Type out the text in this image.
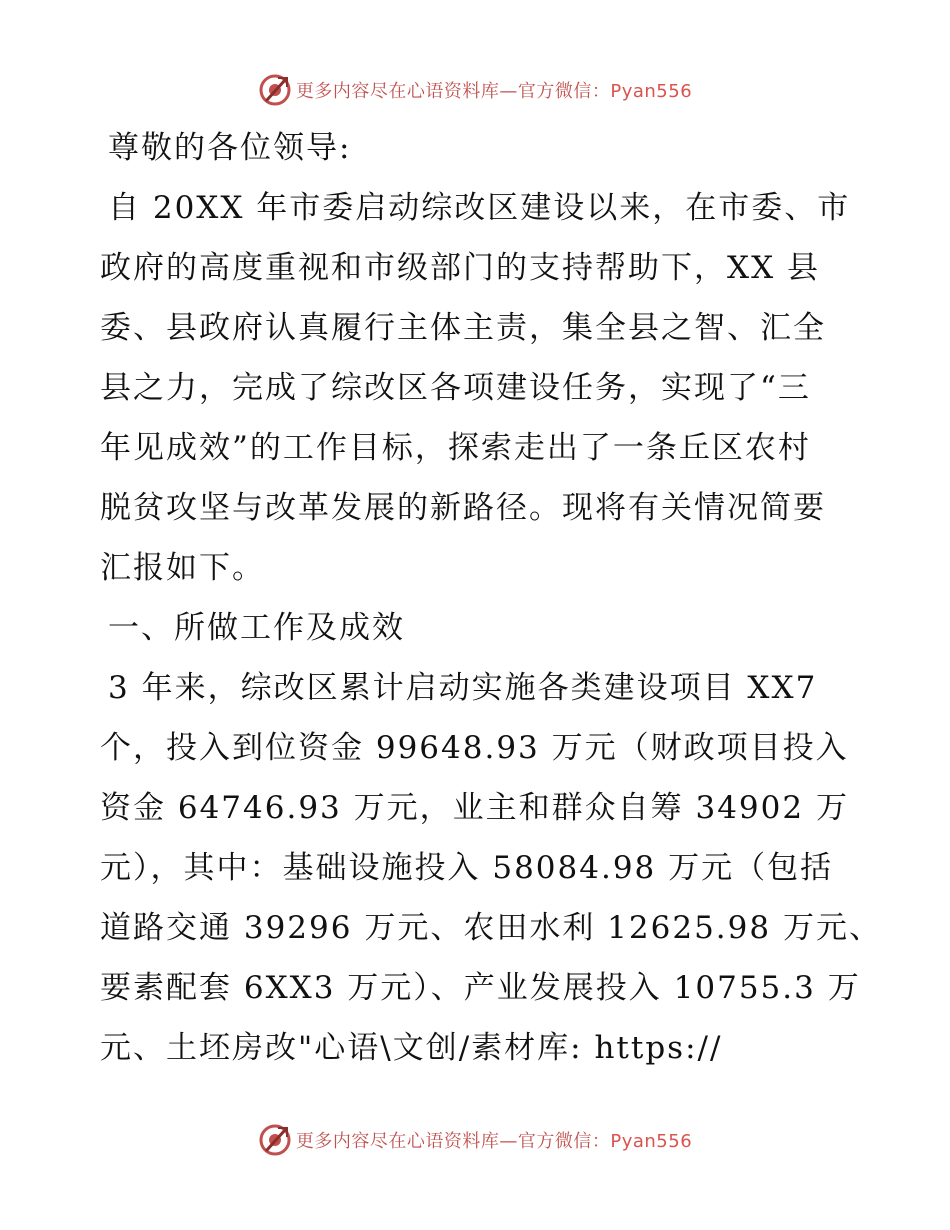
更多内容尽在心语资料库—官方微信：Pyan556
尊敬的各位领导:
自 20XX 年市委启动综改区建设以来，在市委、市
政府的高度重视和市级部门的支持帮助下，XX 县
委、县政府认真履行主体主责，集全县之智、汇全
县之力，完成了综改区各项建设任务，实现了“三
年见成效”的工作目标，探索走出了一条丘区农村
脱贫攻坚与改革发展的新路径。现将有关情况简要
汇报如下。
一、所做工作及成效
3 年来，综改区累计启动实施各类建设项目 XX7
个，投入到位资金 99648.93 万元（财政项目投入
资金 64746.93 万元，业主和群众自筹 34902 万
元），其中：基础设施投入 58084.98 万元（包括
道路交通 39296 万元、农田水利 12625.98 万元、
要素配套 6XX3 万元）、产业发展投入 10755.3 万
元、土坯房改"心语\文创/素材库: https://
更多内容尽在心语资料库—官方微信：Pyan556
